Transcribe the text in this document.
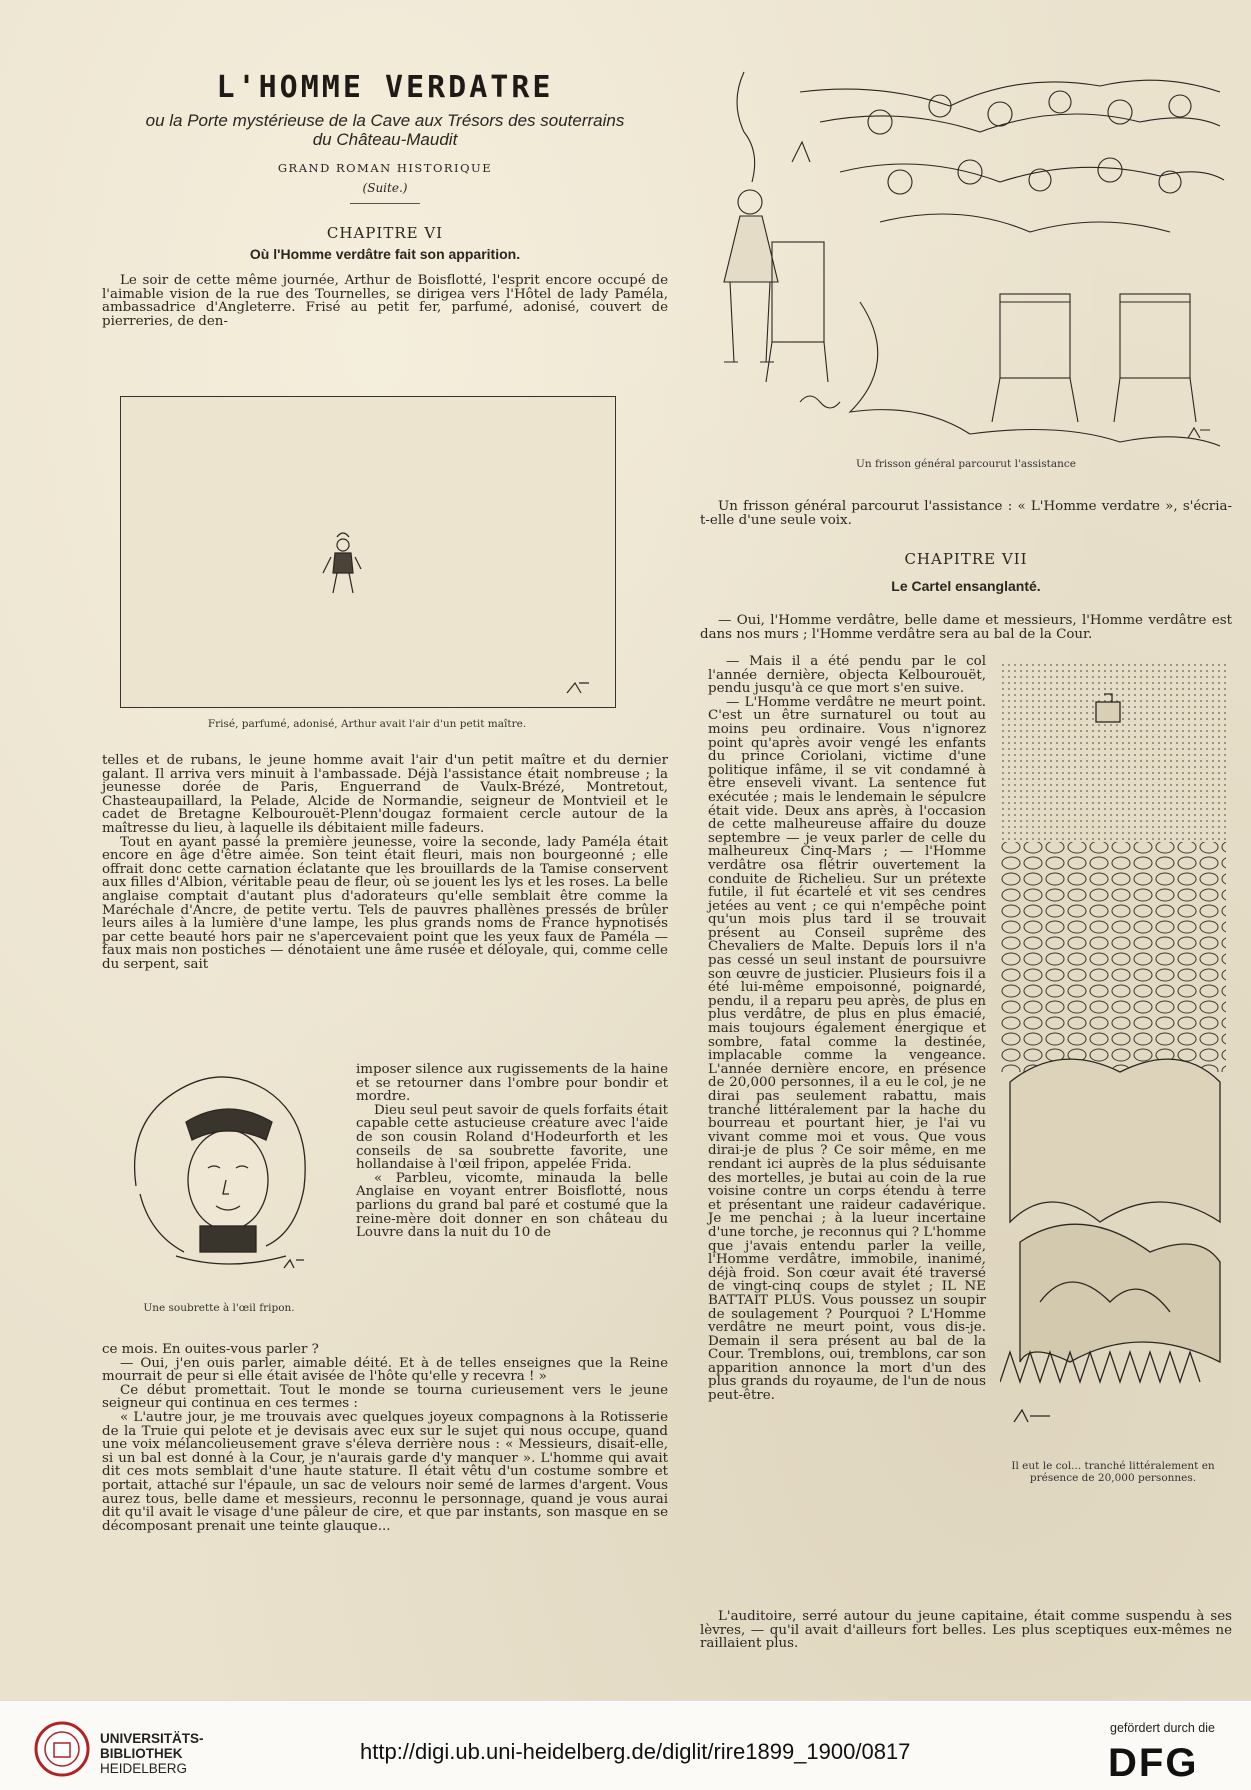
L'HOMME VERDATRE

ou la Porte mystérieuse de la Cave aux Trésors des souterrains

du Château-Maudit

GRAND ROMAN HISTORIQUE

(Suite.)

CHAPITRE VI

Où l'Homme verdâtre fait son apparition.

Le soir de cette même journée, Arthur de Boisflotté, l'esprit encore occupé de l'aimable vision de la rue des Tournelles, se dirigea vers l'Hôtel de lady Paméla, ambassadrice d'Angleterre. Frisé au petit fer, parfumé, adonisé, couvert de pierreries, de den-

Frisé, parfumé, adonisé, Arthur avait l'air d'un petit maître.

telles et de rubans, le jeune homme avait l'air d'un petit maître et du dernier galant. Il arriva vers minuit à l'ambassade. Déjà l'assistance était nombreuse ; la jeunesse dorée de Paris, Enguerrand de Vaulx-Brézé, Montretout, Chasteaupaillard, la Pelade, Alcide de Normandie, seigneur de Montvieil et le cadet de Bretagne Kelbourouët-Plenn'dougaz formaient cercle autour de la maîtresse du lieu, à laquelle ils débitaient mille fadeurs.

Tout en ayant passé la première jeunesse, voire la seconde, lady Paméla était encore en âge d'être aimée. Son teint était fleuri, mais non bourgeonné ; elle offrait donc cette carnation éclatante que les brouillards de la Tamise conservent aux filles d'Albion, véritable peau de fleur, où se jouent les lys et les roses. La belle anglaise comptait d'autant plus d'adorateurs qu'elle semblait être comme la Maréchale d'Ancre, de petite vertu. Tels de pauvres phallènes pressés de brûler leurs ailes à la lumière d'une lampe, les plus grands noms de France hypnotisés par cette beauté hors pair ne s'apercevaient point que les yeux faux de Paméla — faux mais non postiches — dénotaient une âme rusée et déloyale, qui, comme celle du serpent, sait

Une soubrette à l'œil fripon.

imposer silence aux rugissements de la haine et se retourner dans l'ombre pour bondir et mordre.

Dieu seul peut savoir de quels forfaits était capable cette astucieuse créature avec l'aide de son cousin Roland d'Hodeurforth et les conseils de sa soubrette favorite, une hollandaise à l'œil fripon, appelée Frida.

« Parbleu, vicomte, minauda la belle Anglaise en voyant entrer Boisflotté, nous parlions du grand bal paré et costumé que la reine-mère doit donner en son château du Louvre dans la nuit du 10 de

ce mois. En ouites-vous parler ?

— Oui, j'en ouis parler, aimable déité. Et à de telles enseignes que la Reine mourrait de peur si elle était avisée de l'hôte qu'elle y recevra ! »

Ce début promettait. Tout le monde se tourna curieusement vers le jeune seigneur qui continua en ces termes :

« L'autre jour, je me trouvais avec quelques joyeux compagnons à la Rotisserie de la Truie qui pelote et je devisais avec eux sur le sujet qui nous occupe, quand une voix mélancolieusement grave s'éleva derrière nous : « Messieurs, disait-elle, si un bal est donné à la Cour, je n'aurais garde d'y manquer ». L'homme qui avait dit ces mots semblait d'une haute stature. Il était vêtu d'un costume sombre et portait, attaché sur l'épaule, un sac de velours noir semé de larmes d'argent. Vous aurez tous, belle dame et messieurs, reconnu le personnage, quand je vous aurai dit qu'il avait le visage d'une pâleur de cire, et que par instants, son masque en se décomposant prenait une teinte glauque...

Un frisson général parcourut l'assistance

Un frisson général parcourut l'assistance : « L'Homme verdatre », s'écria-t-elle d'une seule voix.

CHAPITRE VII

Le Cartel ensanglanté.

— Oui, l'Homme verdâtre, belle dame et messieurs, l'Homme verdâtre est dans nos murs ; l'Homme verdâtre sera au bal de la Cour.

— Mais il a été pendu par le col l'année dernière, objecta Kelbourouët, pendu jusqu'à ce que mort s'en suive.

— L'Homme verdâtre ne meurt point. C'est un être surnaturel ou tout au moins peu ordinaire. Vous n'ignorez point qu'après avoir vengé les enfants du prince Coriolani, victime d'une politique infâme, il se vit condamné à être enseveli vivant. La sentence fut exécutée ; mais le lendemain le sépulcre était vide. Deux ans après, à l'occasion de cette malheureuse affaire du douze septembre — je veux parler de celle du malheureux Cinq-Mars ; — l'Homme verdâtre osa flétrir ouvertement la conduite de Richelieu. Sur un prétexte futile, il fut écartelé et vit ses cendres jetées au vent ; ce qui n'empêche point qu'un mois plus tard il se trouvait présent au Conseil suprême des Chevaliers de Malte. Depuis lors il n'a pas cessé un seul instant de poursuivre son œuvre de justicier. Plusieurs fois il a été lui-même empoisonné, poignardé, pendu, il a reparu peu après, de plus en plus verdâtre, de plus en plus émacié, mais toujours également énergique et sombre, fatal comme la destinée, implacable comme la vengeance. L'année dernière encore, en présence de 20,000 personnes, il a eu le col, je ne dirai pas seulement rabattu, mais tranché littéralement par la hache du bourreau et pourtant hier, je l'ai vu vivant comme moi et vous. Que vous dirai-je de plus ? Ce soir même, en me rendant ici auprès de la plus séduisante des mortelles, je butai au coin de la rue voisine contre un corps étendu à terre et présentant une raideur cadavérique. Je me penchai ; à la lueur incertaine d'une torche, je reconnus qui ? L'homme que j'avais entendu parler la veille, l'Homme verdâtre, immobile, inanimé, déjà froid. Son cœur avait été traversé de vingt-cinq coups de stylet ; IL NE BATTAIT PLUS. Vous poussez un soupir de soulagement ? Pourquoi ? L'Homme verdâtre ne meurt point, vous dis-je. Demain il sera présent au bal de la Cour. Tremblons, oui, tremblons, car son apparition annonce la mort d'un des plus grands du royaume, de l'un de nous peut-être.

Il eut le col... tranché littéralement en présence de 20,000 personnes.

L'auditoire, serré autour du jeune capitaine, était comme suspendu à ses lèvres, — qu'il avait d'ailleurs fort belles. Les plus sceptiques eux-mêmes ne raillaient plus.

UNIVERSITÄTS-
BIBLIOTHEK
HEIDELBERG
http://digi.ub.uni-heidelberg.de/diglit/rire1899_1900/0817
gefördert durch die
DFG
